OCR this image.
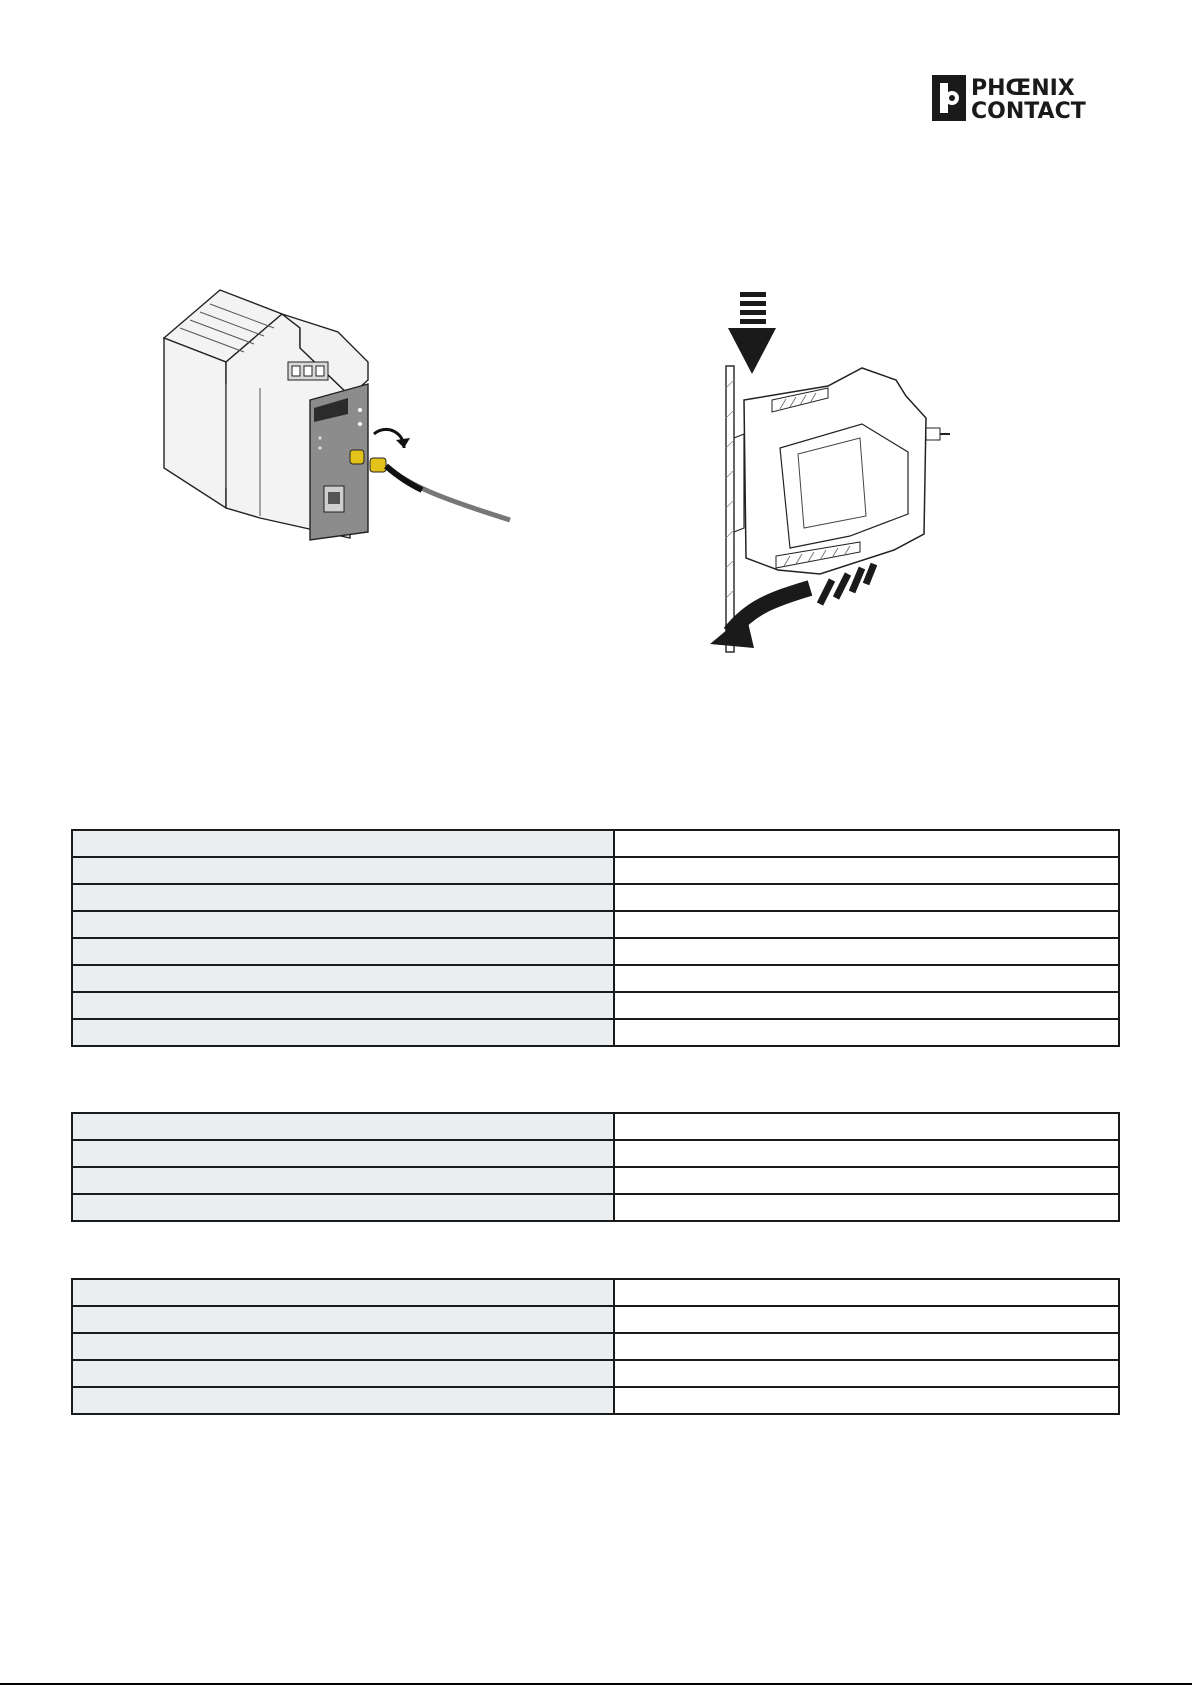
PHŒNIX
CONTACT
